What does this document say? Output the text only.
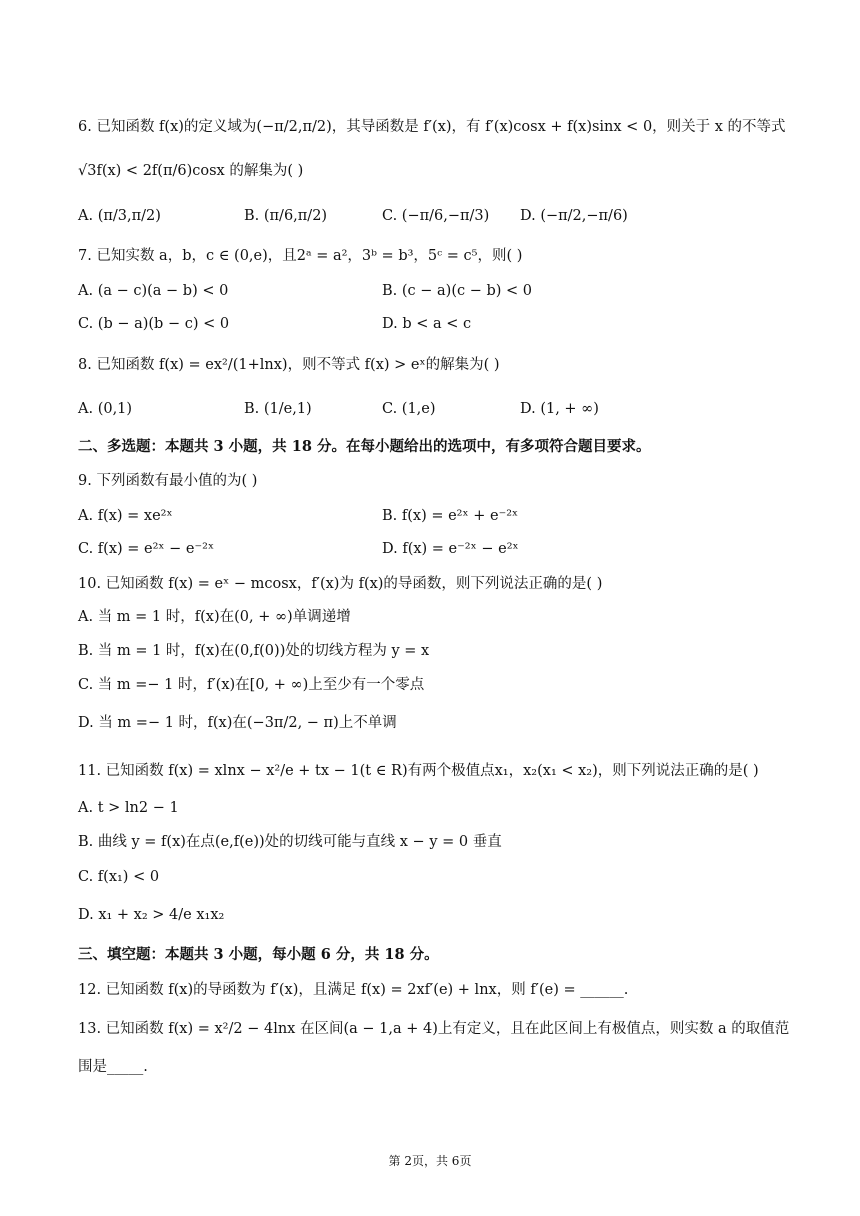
6. 已知函数 f(x)的定义域为(−π/2,π/2)，其导函数是 f′(x)，有 f′(x)cosx + f(x)sinx < 0，则关于 x 的不等式
√3f(x) < 2f(π/6)cosx 的解集为( )
A. (π/3,π/2)	B. (π/6,π/2)	C. (−π/6,−π/3) D. (−π/2,−π/6)
7. 已知实数 a，b，c ∈ (0,e)，且2ᵃ = a²，3ᵇ = b³，5ᶜ = c⁵，则( )
A. (a − c)(a − b) < 0	B. (c − a)(c − b) < 0
C. (b − a)(b − c) < 0	D. b < a < c
8. 已知函数 f(x) = ex²/(1+lnx)，则不等式 f(x) > eˣ的解集为( )
A. (0,1)	B. (1/e,1)	C. (1,e)	D. (1, + ∞)
二、多选题：本题共 3 小题，共 18 分。在每小题给出的选项中，有多项符合题目要求。
9. 下列函数有最小值的为( )
A. f(x) = xe²ˣ	B. f(x) = e²ˣ + e⁻²ˣ
C. f(x) = e²ˣ − e⁻²ˣ	D. f(x) = e⁻²ˣ − e²ˣ
10. 已知函数 f(x) = eˣ − mcosx，f′(x)为 f(x)的导函数，则下列说法正确的是( )
A. 当 m = 1 时，f(x)在(0, + ∞)单调递增
B. 当 m = 1 时，f(x)在(0,f(0))处的切线方程为 y = x
C. 当 m =− 1 时，f′(x)在[0, + ∞)上至少有一个零点
D. 当 m =− 1 时，f(x)在(−3π/2, − π)上不单调
11. 已知函数 f(x) = xlnx − x²/e + tx − 1(t ∈ R)有两个极值点x₁，x₂(x₁ < x₂)，则下列说法正确的是( )
A. t > ln2 − 1
B. 曲线 y = f(x)在点(e,f(e))处的切线可能与直线 x − y = 0 垂直
C. f(x₁) < 0
D. x₁ + x₂ > 4/e x₁x₂
三、填空题：本题共 3 小题，每小题 6 分，共 18 分。
12. 已知函数 f(x)的导函数为 f′(x)，且满足 f(x) = 2xf′(e) + lnx，则 f′(e) = ______.
13. 已知函数 f(x) = x²/2 − 4lnx 在区间(a − 1,a + 4)上有定义，且在此区间上有极值点，则实数 a 的取值范
围是_____.
第 2页，共 6页
